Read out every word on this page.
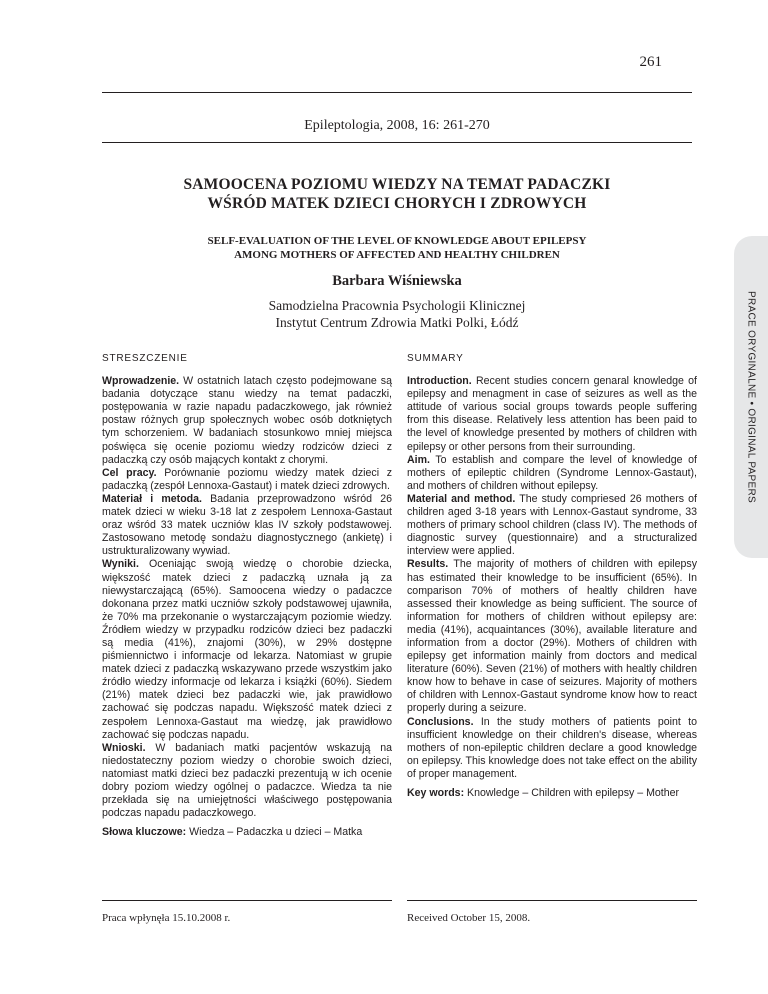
261
Epileptologia, 2008, 16: 261-270
SAMOOCENA POZIOMU WIEDZY NA TEMAT PADACZKI
WŚRÓD MATEK DZIECI CHORYCH I ZDROWYCH
SELF-EVALUATION OF THE LEVEL OF KNOWLEDGE ABOUT EPILEPSY
AMONG MOTHERS OF AFFECTED AND HEALTHY CHILDREN
Barbara Wiśniewska
Samodzielna Pracownia Psychologii Klinicznej
Instytut Centrum Zdrowia Matki Polki, Łódź	PRACE ORYGINALNE • ORIGINAL PAPERS
STRESZCZENIE

Wprowadzenie. W ostatnich latach często podejmowane są badania dotyczące stanu wiedzy na temat padaczki, postępowania w razie napadu padaczkowego, jak również postaw różnych grup społecznych wobec osób dotkniętych tym schorzeniem. W badaniach stosunkowo mniej miejsca poświęca się ocenie poziomu wiedzy rodziców dzieci z padaczką czy osób mających kontakt z chorymi.

Cel pracy. Porównanie poziomu wiedzy matek dzieci z padaczką (zespół Lennoxa-Gastaut) i matek dzieci zdrowych.

Materiał i metoda. Badania przeprowadzono wśród 26 matek dzieci w wieku 3-18 lat z zespołem Lennoxa-Gastaut oraz wśród 33 matek uczniów klas IV szkoły podstawowej. Zastosowano metodę sondażu diagnostycznego (ankietę) i ustrukturalizowany wywiad.

Wyniki. Oceniając swoją wiedzę o chorobie dziecka, większość matek dzieci z padaczką uznała ją za niewystarczającą (65%). Samoocena wiedzy o padaczce dokonana przez matki uczniów szkoły podstawowej ujawniła, że 70% ma przekonanie o wystarczającym poziomie wiedzy. Źródłem wiedzy w przypadku rodziców dzieci bez padaczki są media (41%), znajomi (30%), w 29% dostępne piśmiennictwo i informacje od lekarza. Natomiast w grupie matek dzieci z padaczką wskazywano przede wszystkim jako źródło wiedzy informacje od lekarza i książki (60%). Siedem (21%) matek dzieci bez padaczki wie, jak prawidłowo zachować się podczas napadu. Większość matek dzieci z zespołem Lennoxa-Gastaut ma wiedzę, jak prawidłowo zachować się podczas napadu.

Wnioski. W badaniach matki pacjentów wskazują na niedostateczny poziom wiedzy o chorobie swoich dzieci, natomiast matki dzieci bez padaczki prezentują w ich ocenie dobry poziom wiedzy ogólnej o padaczce. Wiedza ta nie przekłada się na umiejętności właściwego postępowania podczas napadu padaczkowego.

Słowa kluczowe: Wiedza – Padaczka u dzieci – Matka

SUMMARY

Introduction. Recent studies concern genaral knowledge of epilepsy and menagment in case of seizures as well as the attitude of various social groups towards people suffering from this disease. Relatively less attention has been paid to the level of knowledge presented by mothers of children with epilepsy or other persons from their surrounding.

Aim. To establish and compare the level of knowledge of mothers of epileptic children (Syndrome Lennox-Gastaut), and mothers of children without epilepsy.

Material and method. The study compriesed 26 mothers of children aged 3-18 years with Lennox-Gastaut syndrome, 33 mothers of primary school children (class IV). The methods of diagnostic survey (questionnaire) and a structuralized interview were applied.

Results. The majority of mothers of children with epilepsy has estimated their knowledge to be insufficient (65%). In comparison 70% of mothers of healtly children have assessed their knowledge as being sufficient. The source of information for mothers of children without epilepsy are: media (41%), acquaintances (30%), available literature and information from a doctor (29%). Mothers of children with epilepsy get information mainly from doctors and medical literature (60%). Seven (21%) of mothers with healtly children know how to behave in case of seizures. Majority of mothers of children with Lennox-Gastaut syndrome know how to react properly during a seizure.

Conclusions. In the study mothers of patients point to insufficient knowledge on their children's disease, whereas mothers of non-epileptic children declare a good knowledge on epilepsy. This knowledge does not take effect on the ability of proper management.

Key words: Knowledge – Children with epilepsy – Mother

Praca wpłynęła 15.10.2008 r.	Received October 15, 2008.
